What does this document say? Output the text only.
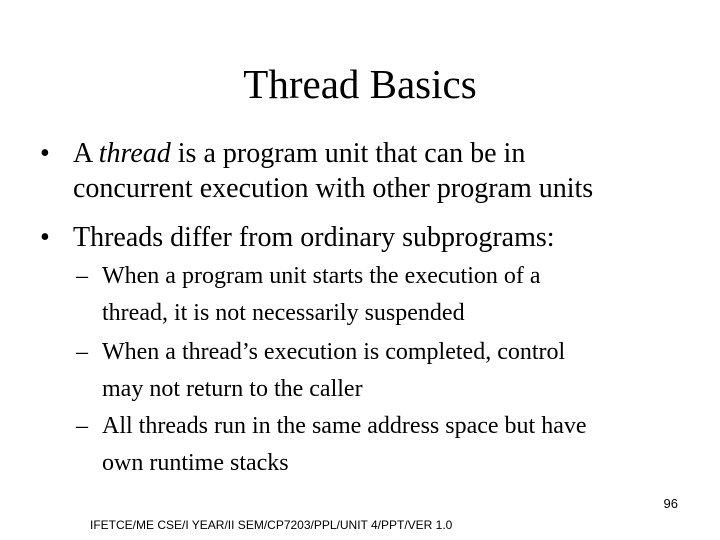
Thread Basics
• A thread is a program unit that can be in
concurrent execution with other program units
• Threads differ from ordinary subprograms:
– When a program unit starts the execution of a
thread, it is not necessarily suspended
– When a thread’s execution is completed, control
may not return to the caller
– All threads run in the same address space but have
own runtime stacks
96
IFETCE/ME CSE/I YEAR/II SEM/CP7203/PPL/UNIT 4/PPT/VER 1.0
